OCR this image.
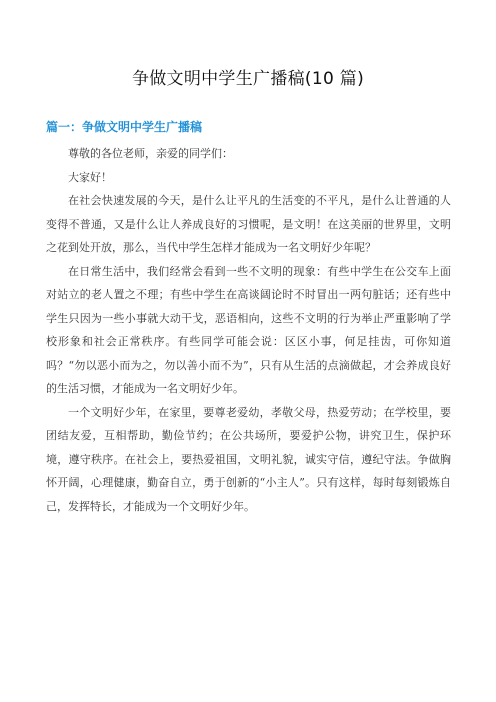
争做文明中学生广播稿(10 篇)
篇一：争做文明中学生广播稿

尊敬的各位老师，亲爱的同学们：

大家好！

在社会快速发展的今天，是什么让平凡的生活变的不平凡，是什么让普通的人变得不普通，又是什么让人养成良好的习惯呢，是文明！在这美丽的世界里，文明之花到处开放，那么，当代中学生怎样才能成为一名文明好少年呢？

在日常生活中，我们经常会看到一些不文明的现象：有些中学生在公交车上面对站立的老人置之不理；有些中学生在高谈阔论时不时冒出一两句脏话；还有些中学生只因为一些小事就大动干戈，恶语相向，这些不文明的行为举止严重影响了学校形象和社会正常秩序。有些同学可能会说：区区小事，何足挂齿，可你知道吗？“勿以恶小而为之，勿以善小而不为”，只有从生活的点滴做起，才会养成良好的生活习惯，才能成为一名文明好少年。

一个文明好少年，在家里，要尊老爱幼，孝敬父母，热爱劳动；在学校里，要团结友爱，互相帮助，勤俭节约；在公共场所，要爱护公物，讲究卫生，保护环境，遵守秩序。在社会上，要热爱祖国，文明礼貌，诚实守信，遵纪守法。争做胸怀开阔，心理健康，勤奋自立，勇于创新的“小主人”。只有这样，每时每刻锻炼自己，发挥特长，才能成为一个文明好少年。
